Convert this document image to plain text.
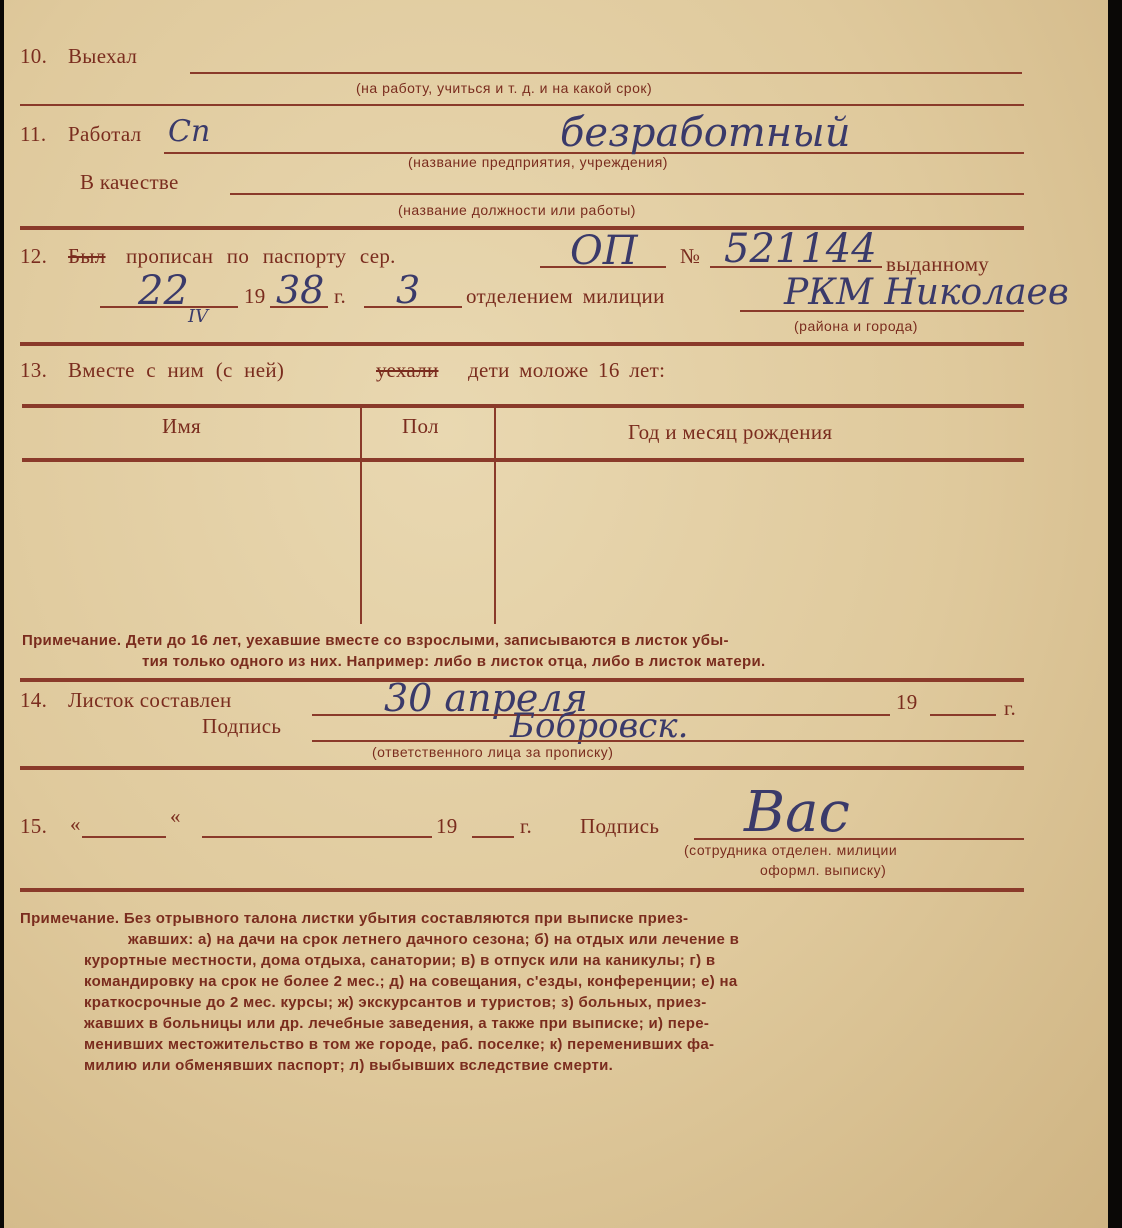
10. Выехал
(на работу, учиться и т. д. и на какой срок)
11. Работал Сп	безработный
(название предприятия, учреждения)
В качестве
(название должности или работы)
12. Был прописан по паспорту сер.	ОП № 521144 выданному
22
IV
19 38 г. 3 отделением милиции	РКМ Николаев
(района и города)
13. Вместе с ним (с ней)	уехали дети моложе 16 лет:
Имя	Пол	Год и месяц рождения
Примечание. Дети до 16 лет, уехавшие вместе со взрослыми, записываются в листок убы-
тия только одного из них. Например: либо в листок отца, либо в листок матери.
14. Листок составлен	30 апреля	19	г.
Подпись	Бобровск.
(ответственного лица за прописку)
15. «	«	19	г. Подпись Вас
(сотрудника отделен. милиции
оформл. выписку)
Примечание. Без отрывного талона листки убытия составляются при выписке приез-
жавших: а) на дачи на срок летнего дачного сезона; б) на отдых или лечение в
курортные местности, дома отдыха, санатории; в) в отпуск или на каникулы; г) в
командировку на срок не более 2 мес.; д) на совещания, с'езды, конференции; е) на
краткосрочные до 2 мес. курсы; ж) экскурсантов и туристов; з) больных, приез-
жавших в больницы или др. лечебные заведения, а также при выписке; и) пере-
менивших местожительство в том же городе, раб. поселке; к) переменивших фа-
милию или обменявших паспорт; л) выбывших вследствие смерти.
